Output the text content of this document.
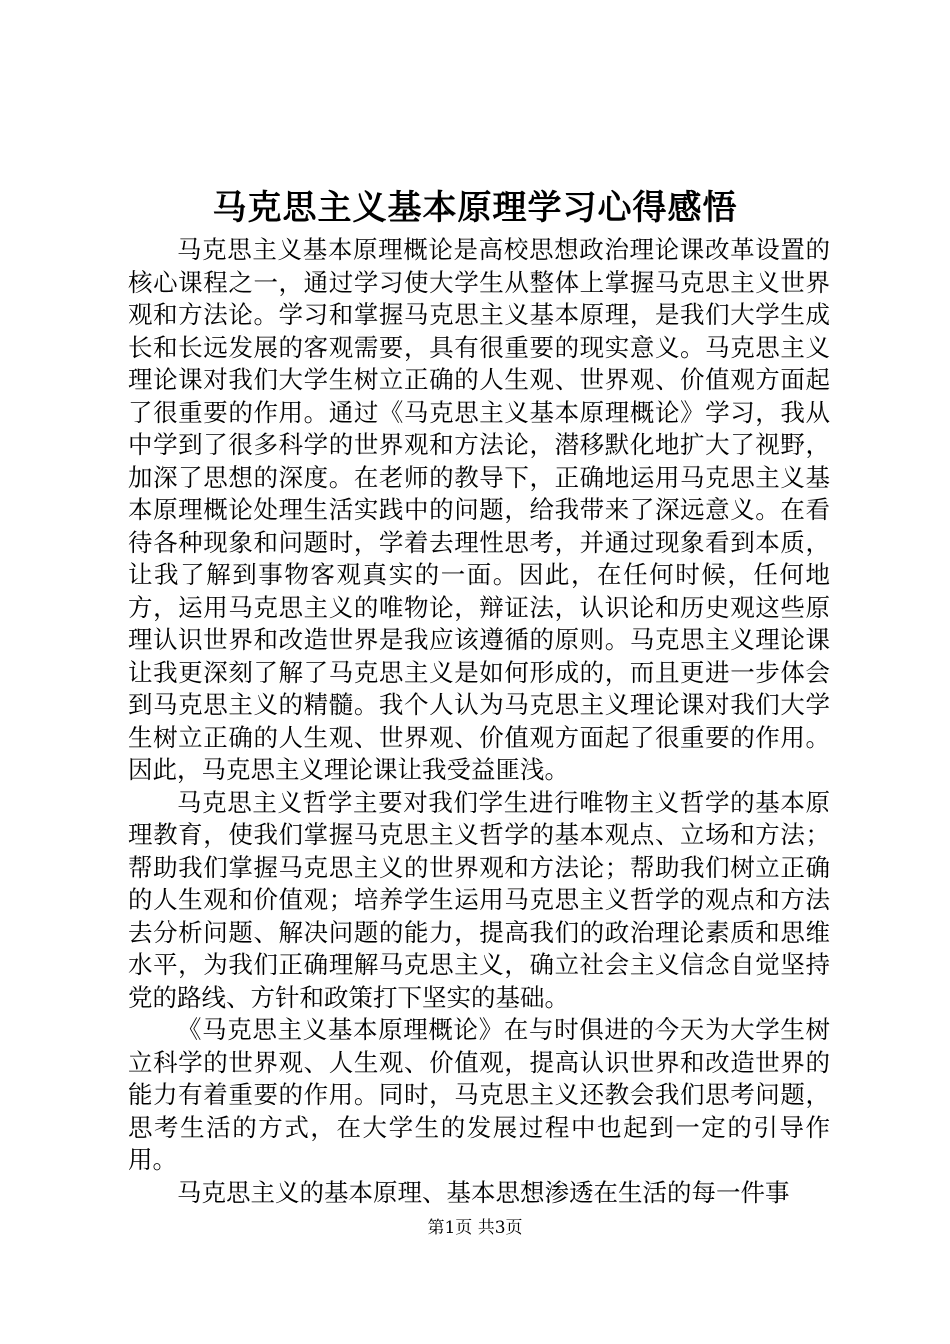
马克思主义基本原理学习心得感悟

马克思主义基本原理概论是高校思想政治理论课改革设置的核心课程之一，通过学习使大学生从整体上掌握马克思主义世界观和方法论。学习和掌握马克思主义基本原理，是我们大学生成长和长远发展的客观需要，具有很重要的现实意义。马克思主义理论课对我们大学生树立正确的人生观、世界观、价值观方面起了很重要的作用。通过《马克思主义基本原理概论》学习，我从中学到了很多科学的世界观和方法论，潜移默化地扩大了视野，加深了思想的深度。在老师的教导下，正确地运用马克思主义基本原理概论处理生活实践中的问题，给我带来了深远意义。在看待各种现象和问题时，学着去理性思考，并通过现象看到本质，让我了解到事物客观真实的一面。因此，在任何时候，任何地方，运用马克思主义的唯物论，辩证法，认识论和历史观这些原理认识世界和改造世界是我应该遵循的原则。马克思主义理论课让我更深刻了解了马克思主义是如何形成的，而且更进一步体会到马克思主义的精髓。我个人认为马克思主义理论课对我们大学生树立正确的人生观、世界观、价值观方面起了很重要的作用。因此，马克思主义理论课让我受益匪浅。

马克思主义哲学主要对我们学生进行唯物主义哲学的基本原理教育，使我们掌握马克思主义哲学的基本观点、立场和方法；帮助我们掌握马克思主义的世界观和方法论；帮助我们树立正确的人生观和价值观；培养学生运用马克思主义哲学的观点和方法去分析问题、解决问题的能力，提高我们的政治理论素质和思维水平，为我们正确理解马克思主义，确立社会主义信念自觉坚持党的路线、方针和政策打下坚实的基础。

《马克思主义基本原理概论》在与时俱进的今天为大学生树立科学的世界观、人生观、价值观，提高认识世界和改造世界的能力有着重要的作用。同时，马克思主义还教会我们思考问题，思考生活的方式，在大学生的发展过程中也起到一定的引导作用。

马克思主义的基本原理、基本思想渗透在生活的每一件事

第1页 共3页
